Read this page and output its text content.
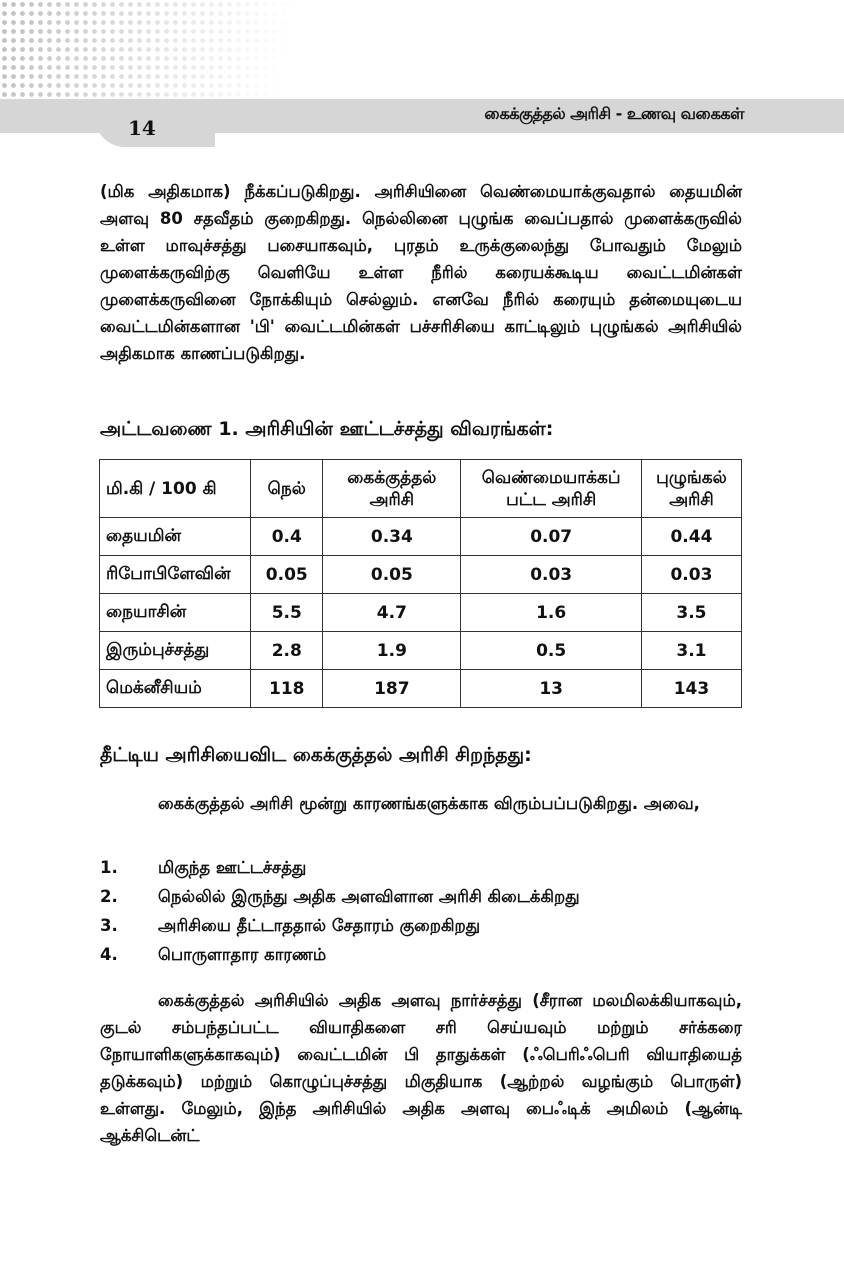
14
கைக்குத்தல் அரிசி - உணவு வகைகள்

(மிக அதிகமாக) நீக்கப்படுகிறது. அரிசியினை வெண்மையாக்குவதால் தையமின் அளவு 80 சதவீதம் குறைகிறது. நெல்லினை புழுங்க வைப்பதால் முளைக்கருவில் உள்ள மாவுச்சத்து பசையாகவும், புரதம் உருக்குலைந்து போவதும் மேலும் முளைக்கருவிற்கு வெளியே உள்ள நீரில் கரையக்கூடிய வைட்டமின்கள் முளைக்கருவினை நோக்கியும் செல்லும். எனவே நீரில் கரையும் தன்மையுடைய வைட்டமின்களான 'பி' வைட்டமின்கள் பச்சரிசியை காட்டிலும் புழுங்கல் அரிசியில் அதிகமாக காணப்படுகிறது.

அட்டவணை 1. அரிசியின் ஊட்டச்சத்து விவரங்கள்:
மி.கி / 100 கி	நெல்	கைக்குத்தல் அரிசி	வெண்மையாக்கப் பட்ட அரிசி	புழுங்கல் அரிசி
தையமின்	0.4	0.34	0.07	0.44
ரிபோபிளேவின்	0.05	0.05	0.03	0.03
நையாசின்	5.5	4.7	1.6	3.5
இரும்புச்சத்து	2.8	1.9	0.5	3.1
மெக்னீசியம்	118	187	13	143
தீட்டிய அரிசியைவிட கைக்குத்தல் அரிசி சிறந்தது:

கைக்குத்தல் அரிசி மூன்று காரணங்களுக்காக விரும்பப்படுகிறது. அவை,

1.	மிகுந்த ஊட்டச்சத்து
2.	நெல்லில் இருந்து அதிக அளவிளான அரிசி கிடைக்கிறது
3.	அரிசியை தீட்டாததால் சேதாரம் குறைகிறது
4.	பொருளாதார காரணம்

கைக்குத்தல் அரிசியில் அதிக அளவு நார்ச்சத்து (சீரான மலமிலக்கியாகவும், குடல் சம்பந்தப்பட்ட வியாதிகளை சரி செய்யவும் மற்றும் சர்க்கரை நோயாளிகளுக்காகவும்) வைட்டமின் பி தாதுக்கள் (ஃபெரிஃபெரி வியாதியைத் தடுக்கவும்) மற்றும் கொழுப்புச்சத்து மிகுதியாக (ஆற்றல் வழங்கும் பொருள்) உள்ளது. மேலும், இந்த அரிசியில் அதிக அளவு பைஃடிக் அமிலம் (ஆன்டி ஆக்சிடென்ட்
